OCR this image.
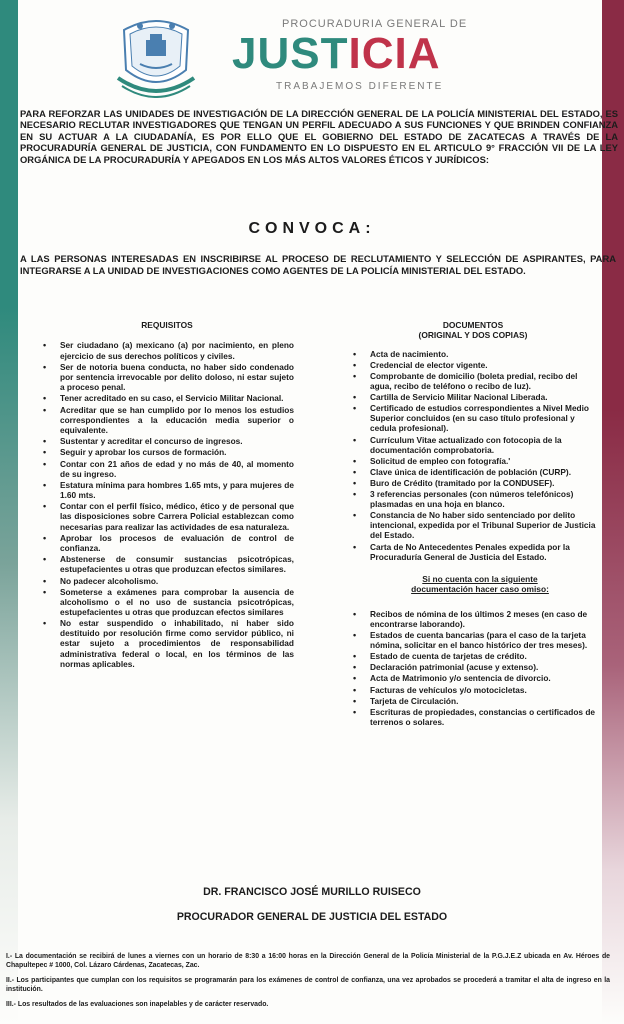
PROCURADURIA GENERAL DE
JUSTICIA
TRABAJEMOS DIFERENTE
PARA REFORZAR LAS UNIDADES DE INVESTIGACIÓN DE LA DIRECCIÓN GENERAL DE LA POLICÍA MINISTERIAL DEL ESTADO, ES NECESARIO RECLUTAR INVESTIGADORES QUE TENGAN UN PERFIL ADECUADO A SUS FUNCIONES Y QUE BRINDEN CONFIANZA EN SU ACTUAR A LA CIUDADANÍA, ES POR ELLO QUE EL GOBIERNO DEL ESTADO DE ZACATECAS A TRAVÉS DE LA PROCURADURÍA GENERAL DE JUSTICIA, CON FUNDAMENTO EN LO DISPUESTO EN EL ARTICULO 9° FRACCIÓN VII DE LA LEY ORGÁNICA DE LA PROCURADURÍA Y APEGADOS EN LOS MÁS ALTOS VALORES ÉTICOS Y JURÍDICOS:
CONVOCA:
A LAS PERSONAS INTERESADAS EN INSCRIBIRSE AL PROCESO DE RECLUTAMIENTO Y SELECCIÓN DE ASPIRANTES, PARA INTEGRARSE A LA UNIDAD DE INVESTIGACIONES COMO AGENTES DE LA POLICÍA MINISTERIAL DEL ESTADO.
REQUISITOS
• Ser ciudadano (a) mexicano (a) por nacimiento, en pleno ejercicio de sus derechos políticos y civiles.
• Ser de notoria buena conducta, no haber sido condenado por sentencia irrevocable por delito doloso, ni estar sujeto a proceso penal.
• Tener acreditado en su caso, el Servicio Militar Nacional.
• Acreditar que se han cumplido por lo menos los estudios correspondientes a la educación media superior o equivalente.
• Sustentar y acreditar el concurso de ingresos.
• Seguir y aprobar los cursos de formación.
• Contar con 21 años de edad y no más de 40, al momento de su ingreso.
• Estatura mínima para hombres 1.65 mts, y para mujeres de 1.60 mts.
• Contar con el perfil físico, médico, ético y de personal que las disposiciones sobre Carrera Policial establezcan como necesarias para realizar las actividades de esa naturaleza.
• Aprobar los procesos de evaluación de control de confianza.
• Abstenerse de consumir sustancias psicotrópicas, estupefacientes u otras que produzcan efectos similares.
• No padecer alcoholismo.
• Someterse a exámenes para comprobar la ausencia de alcoholismo o el no uso de sustancia psicotrópicas, estupefacientes u otras que produzcan efectos similares
• No estar suspendido o inhabilitado, ni haber sido destituido por resolución firme como servidor público, ni estar sujeto a procedimientos de responsabilidad administrativa federal o local, en los términos de las normas aplicables.
DOCUMENTOS
(ORIGINAL Y DOS COPIAS)
• Acta de nacimiento.
• Credencial de elector vigente.
• Comprobante de domicilio (boleta predial, recibo del agua, recibo de teléfono o recibo de luz).
• Cartilla de Servicio Militar Nacional Liberada.
• Certificado de estudios correspondientes a Nivel Medio Superior concluidos (en su caso título profesional y cedula profesional).
• Currículum Vitae actualizado con fotocopia de la documentación comprobatoria.
• Solicitud de empleo con fotografía.'
• Clave única de identificación de población (CURP).
• Buro de Crédito (tramitado por la CONDUSEF).
• 3 referencias personales (con números telefónicos) plasmadas en una hoja en blanco.
• Constancia de No haber sido sentenciado por delito intencional, expedida por el Tribunal Superior de Justicia del Estado.
• Carta de No Antecedentes Penales expedida por la Procuraduría General de Justicia del Estado.
Si no cuenta con la siguiente
documentación hacer caso omiso:
• Recibos de nómina de los últimos 2 meses (en caso de encontrarse laborando).
• Estados de cuenta bancarias (para el caso de la tarjeta nómina, solicitar en el banco histórico der tres meses).
• Estado de cuenta de tarjetas de crédito.
• Declaración patrimonial (acuse y extenso).
• Acta de Matrimonio y/o sentencia de divorcio.
• Facturas de vehículos y/o motocicletas.
• Tarjeta de Circulación.
• Escrituras de propiedades, constancias o certificados de terrenos o solares.
DR. FRANCISCO JOSÉ MURILLO RUISECO
PROCURADOR GENERAL DE JUSTICIA DEL ESTADO

I.- La documentación se recibirá de lunes a viernes con un horario de 8:30 a 16:00 horas en la Dirección General de la Policía Ministerial de la P.G.J.E.Z ubicada en Av. Héroes de Chapultepec # 1000, Col. Lázaro Cárdenas, Zacatecas, Zac.

II.- Los participantes que cumplan con los requisitos se programarán para los exámenes de control de confianza, una vez aprobados se procederá a tramitar el alta de ingreso en la institución.

III.- Los resultados de las evaluaciones son inapelables y de carácter reservado.
